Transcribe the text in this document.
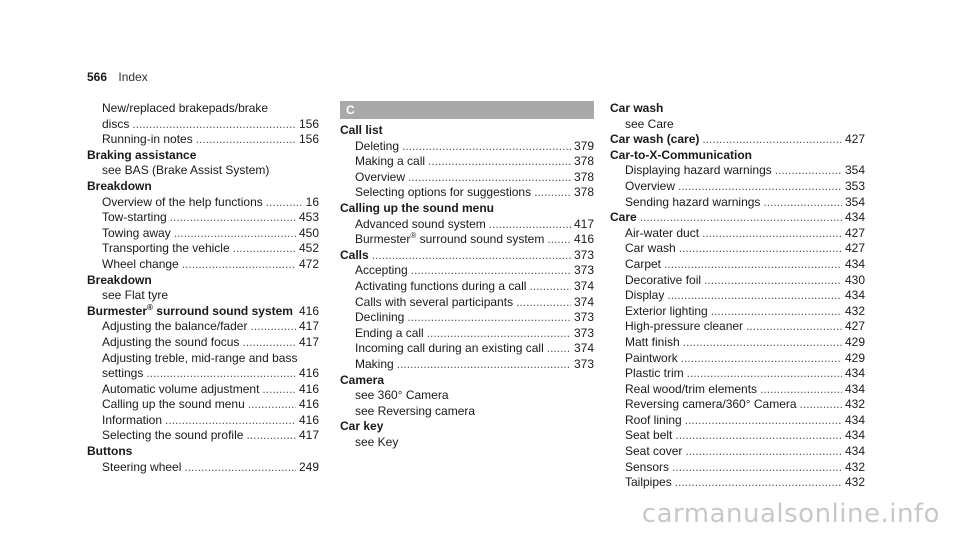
566 Index
New/replaced brakepads/brake
discs .....	156
Running-in notes .....	156
Braking assistance
see BAS (Brake Assist System)
Breakdown
Overview of the help functions .....	16
Tow-starting .....	453
Towing away .....	450
Transporting the vehicle .....	452
Wheel change .....	472
Breakdown
see Flat tyre
Burmester® surround sound system 416
Adjusting the balance/fader .....	417
Adjusting the sound focus .....	417
Adjusting treble, mid-range and bass
settings .....	416
Automatic volume adjustment .....	416
Calling up the sound menu .....	416
Information .....	416
Selecting the sound profile .....	417
Buttons
Steering wheel .....	249
C
Call list
Deleting .....	379
Making a call .....	378
Overview .....	378
Selecting options for suggestions .....	378
Calling up the sound menu
Advanced sound system .....	417
Burmester® surround sound system ..... 416
Calls .....	373
Accepting .....	373
Activating functions during a call .....	374
Calls with several participants .....	374
Declining .....	373
Ending a call .....	373
Incoming call during an existing call .....	374
Making .....	373
Camera
see 360° Camera
see Reversing camera
Car key
see Key
Car wash
see Care
Car wash (care) .....	427
Car-to-X-Communication
Displaying hazard warnings .....	354
Overview .....	353
Sending hazard warnings .....	354
Care .....	434
Air-water duct .....	427
Car wash .....	427
Carpet .....	434
Decorative foil .....	430
Display .....	434
Exterior lighting .....	432
High-pressure cleaner .....	427
Matt finish .....	429
Paintwork .....	429
Plastic trim .....	434
Real wood/trim elements .....	434
Reversing camera/360° Camera .....	432
Roof lining .....	434
Seat belt .....	434
Seat cover .....	434
Sensors .....	432
Tailpipes .....	432
carmanualsonline.info
